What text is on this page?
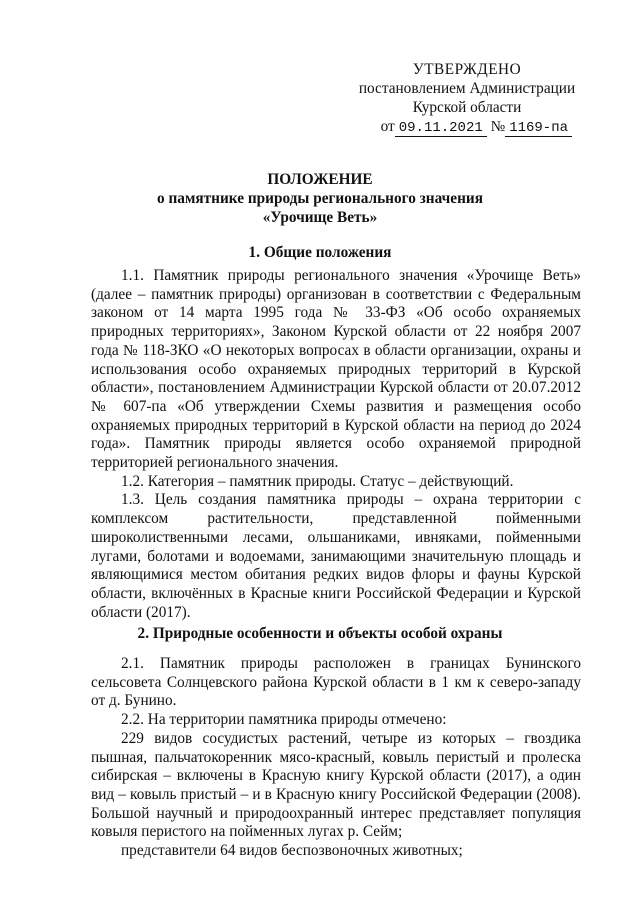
УТВЕРЖДЕНО
постановлением Администрации
Курской области
от 09.11.2021 № 1169-па
ПОЛОЖЕНИЕ
о памятнике природы регионального значения
«Урочище Веть»
1. Общие положения

1.1. Памятник природы регионального значения «Урочище Веть» (далее – памятник природы) организован в соответствии с Федеральным законом от 14 марта 1995 года № 33-ФЗ «Об особо охраняемых природных территориях», Законом Курской области от 22 ноября 2007 года № 118-ЗКО «О некоторых вопросах в области организации, охраны и использования особо охраняемых природных территорий в Курской области», постановлением Администрации Курской области от 20.07.2012 № 607-па «Об утверждении Схемы развития и размещения особо охраняемых природных территорий в Курской области на период до 2024 года». Памятник природы является особо охраняемой природной территорией регионального значения.

1.2. Категория – памятник природы. Статус – действующий.

1.3. Цель создания памятника природы – охрана территории с комплексом растительности, представленной пойменными широколиственными лесами, ольшаниками, ивняками, пойменными лугами, болотами и водоемами, занимающими значительную площадь и являющимися местом обитания редких видов флоры и фауны Курской области, включённых в Красные книги Российской Федерации и Курской области (2017).

2. Природные особенности и объекты особой охраны

2.1. Памятник природы расположен в границах Бунинского сельсовета Солнцевского района Курской области в 1 км к северо-западу от д. Бунино.

2.2. На территории памятника природы отмечено:

229 видов сосудистых растений, четыре из которых – гвоздика пышная, пальчатокоренник мясо-красный, ковыль перистый и пролеска сибирская – включены в Красную книгу Курской области (2017), а один вид – ковыль пристый – и в Красную книгу Российской Федерации (2008). Большой научный и природоохранный интерес представляет популяция ковыля перистого на пойменных лугах р. Сейм;

представители 64 видов беспозвоночных животных;
